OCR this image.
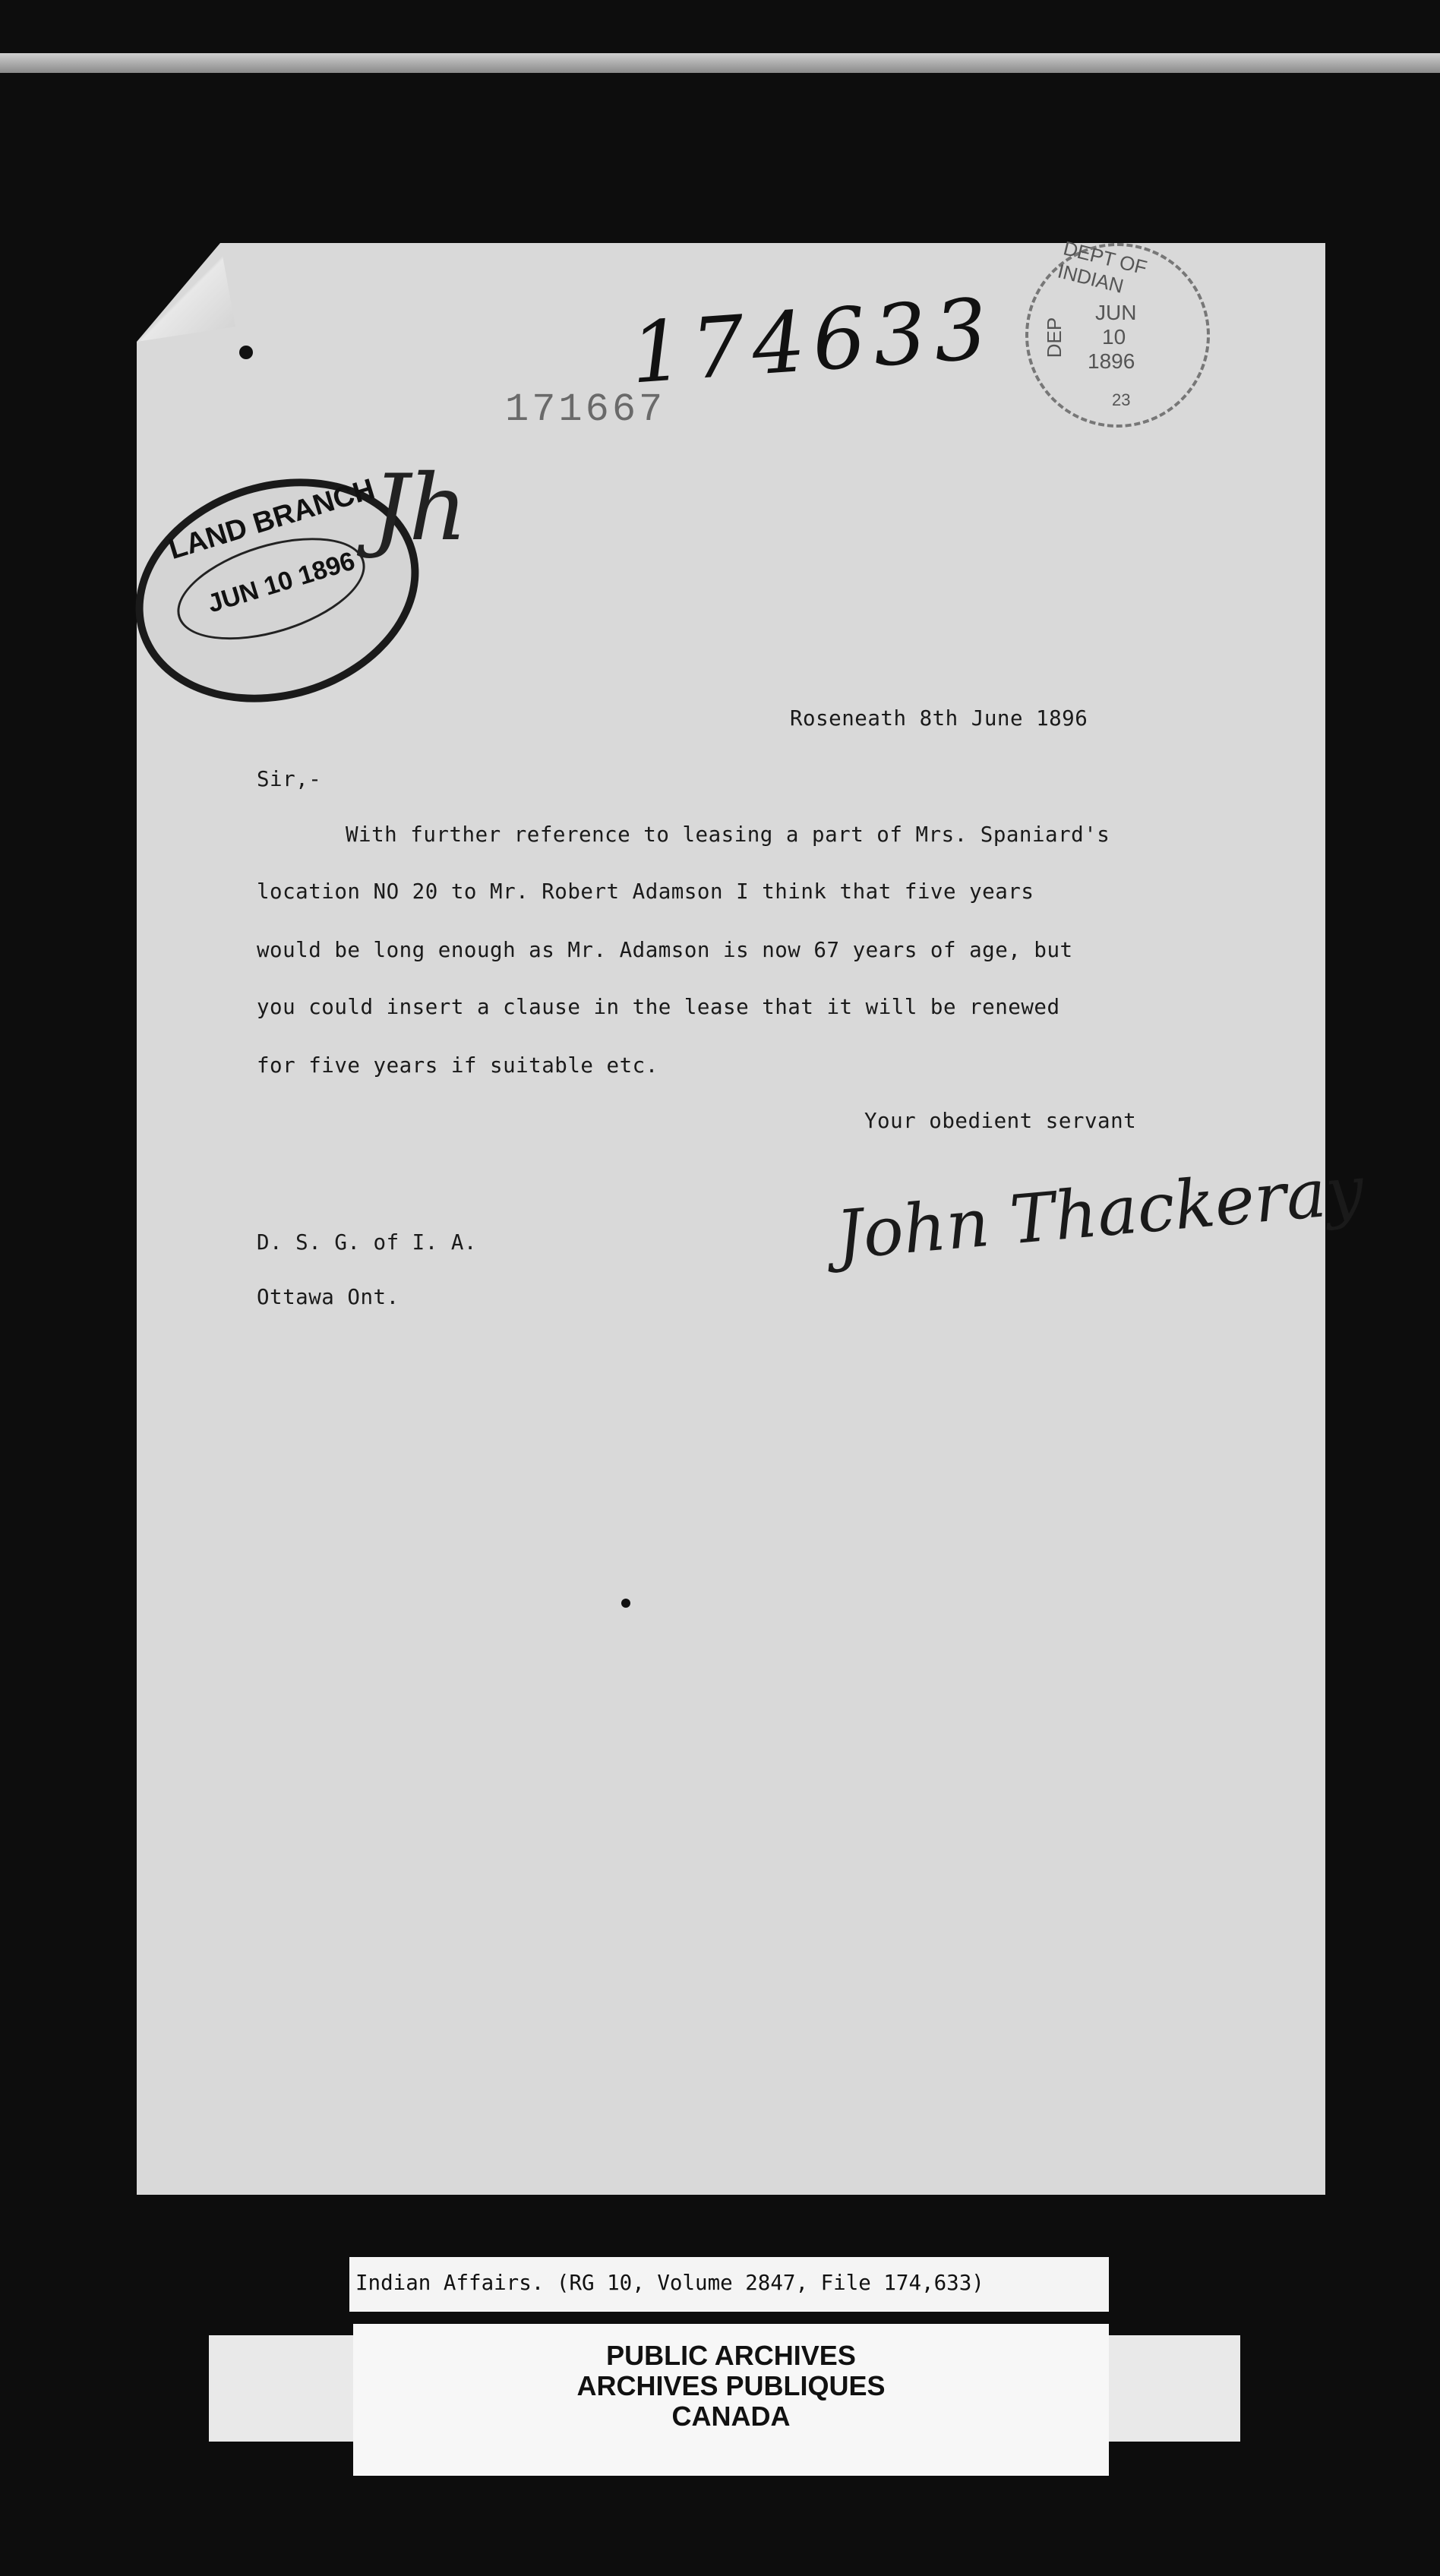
174633

171667

DEPT OF INDIAN
DEP
JUN
10
1896
23
LAND BRANCH
JUN 10 1896

Jh

Roseneath 8th June 1896

Sir,-

With further reference to leasing a part of Mrs. Spaniard's

location NO 20 to Mr. Robert Adamson I think that five years

would be long enough as Mr. Adamson is now 67 years of age, but

you could insert a clause in the lease that it will be renewed

for five years if suitable etc.

Your obedient servant

John Thackeray

D. S. G. of I. A.

Ottawa Ont.

Indian Affairs. (RG 10, Volume 2847, File 174,633)

PUBLIC ARCHIVES
ARCHIVES PUBLIQUES
CANADA
